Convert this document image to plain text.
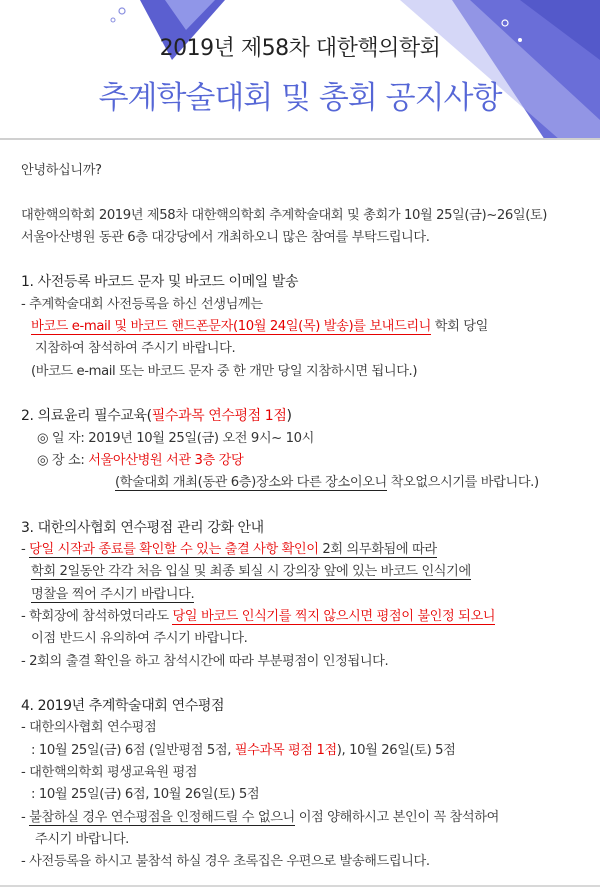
2019년 제58차 대한핵의학회
추계학술대회 및 총회 공지사항
안녕하십니까?
대한핵의학회 2019년 제58차 대한핵의학회 추계학술대회 및 총회가 10월 25일(금)~26일(토)
서울아산병원 동관 6층 대강당에서 개최하오니 많은 참여를 부탁드립니다.
1. 사전등록 바코드 문자 및 바코드 이메일 발송
- 추계학술대회 사전등록을 하신 선생님께는
바코드 e-mail 및 바코드 핸드폰문자(10월 24일(목) 발송)를 보내드리니 학회 당일
지참하여 참석하여 주시기 바랍니다.
(바코드 e-mail 또는 바코드 문자 중 한 개만 당일 지참하시면 됩니다.)
2. 의료윤리 필수교육(필수과목 연수평점 1점)
◎ 일 자: 2019년 10월 25일(금) 오전 9시~ 10시
◎ 장 소: 서울아산병원 서관 3층 강당
(학술대회 개최(동관 6층)장소와 다른 장소이오니 착오없으시기를 바랍니다.)
3. 대한의사협회 연수평점 관리 강화 안내
- 당일 시작과 종료를 확인할 수 있는 출결 사항 확인이 2회 의무화됨에 따라
학회 2일동안 각각 처음 입실 및 최종 퇴실 시 강의장 앞에 있는 바코드 인식기에
명찰을 찍어 주시기 바랍니다.
- 학회장에 참석하였더라도 당일 바코드 인식기를 찍지 않으시면 평점이 불인정 되오니
이점 반드시 유의하여 주시기 바랍니다.
- 2회의 출결 확인을 하고 참석시간에 따라 부분평점이 인정됩니다.
4. 2019년 추계학술대회 연수평점
- 대한의사협회 연수평점
: 10월 25일(금) 6점 (일반평점 5점, 필수과목 평점 1점), 10월 26일(토) 5점
- 대한핵의학회 평생교육원 평점
: 10월 25일(금) 6점, 10월 26일(토) 5점
- 불참하실 경우 연수평점을 인정해드릴 수 없으니 이점 양해하시고 본인이 꼭 참석하여
주시기 바랍니다.
- 사전등록을 하시고 불참석 하실 경우 초록집은 우편으로 발송해드립니다.
